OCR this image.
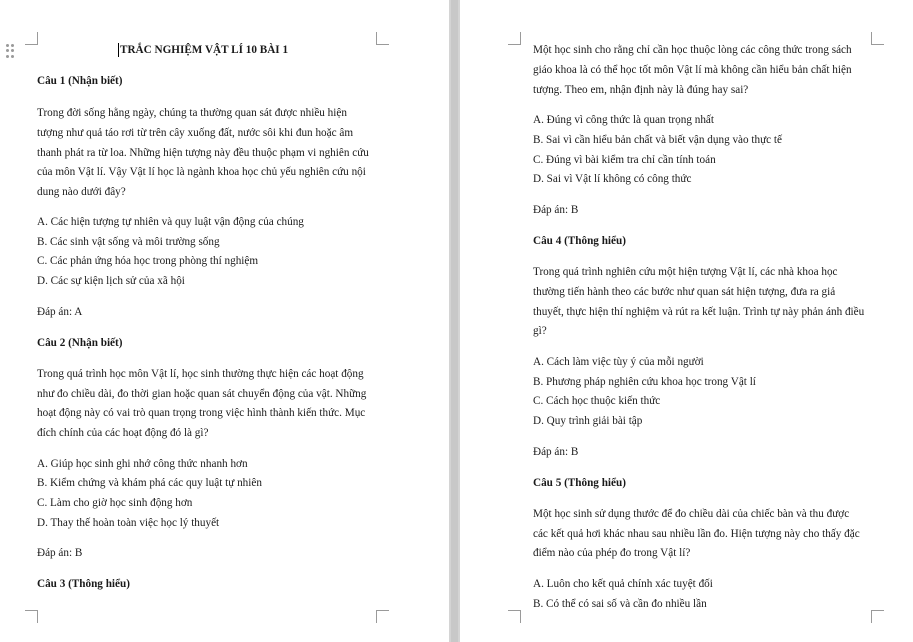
TRẮC NGHIỆM VẬT LÍ 10 BÀI 1
Câu 1 (Nhận biết)
Trong đời sống hằng ngày, chúng ta thường quan sát được nhiều hiện
tượng như quả táo rơi từ trên cây xuống đất, nước sôi khi đun hoặc âm
thanh phát ra từ loa. Những hiện tượng này đều thuộc phạm vi nghiên cứu
của môn Vật lí. Vậy Vật lí học là ngành khoa học chủ yếu nghiên cứu nội
dung nào dưới đây?
A. Các hiện tượng tự nhiên và quy luật vận động của chúng
B. Các sinh vật sống và môi trường sống
C. Các phản ứng hóa học trong phòng thí nghiệm
D. Các sự kiện lịch sử của xã hội
Đáp án: A
Câu 2 (Nhận biết)
Trong quá trình học môn Vật lí, học sinh thường thực hiện các hoạt động
như đo chiều dài, đo thời gian hoặc quan sát chuyển động của vật. Những
hoạt động này có vai trò quan trọng trong việc hình thành kiến thức. Mục
đích chính của các hoạt động đó là gì?
A. Giúp học sinh ghi nhớ công thức nhanh hơn
B. Kiểm chứng và khám phá các quy luật tự nhiên
C. Làm cho giờ học sinh động hơn
D. Thay thế hoàn toàn việc học lý thuyết
Đáp án: B
Câu 3 (Thông hiểu)
Một học sinh cho rằng chỉ cần học thuộc lòng các công thức trong sách
giáo khoa là có thể học tốt môn Vật lí mà không cần hiểu bản chất hiện
tượng. Theo em, nhận định này là đúng hay sai?
A. Đúng vì công thức là quan trọng nhất
B. Sai vì cần hiểu bản chất và biết vận dụng vào thực tế
C. Đúng vì bài kiểm tra chỉ cần tính toán
D. Sai vì Vật lí không có công thức
Đáp án: B
Câu 4 (Thông hiểu)
Trong quá trình nghiên cứu một hiện tượng Vật lí, các nhà khoa học
thường tiến hành theo các bước như quan sát hiện tượng, đưa ra giả
thuyết, thực hiện thí nghiệm và rút ra kết luận. Trình tự này phản ánh điều
gì?
A. Cách làm việc tùy ý của mỗi người
B. Phương pháp nghiên cứu khoa học trong Vật lí
C. Cách học thuộc kiến thức
D. Quy trình giải bài tập
Đáp án: B
Câu 5 (Thông hiểu)
Một học sinh sử dụng thước để đo chiều dài của chiếc bàn và thu được
các kết quả hơi khác nhau sau nhiều lần đo. Hiện tượng này cho thấy đặc
điểm nào của phép đo trong Vật lí?
A. Luôn cho kết quả chính xác tuyệt đối
B. Có thể có sai số và cần đo nhiều lần
